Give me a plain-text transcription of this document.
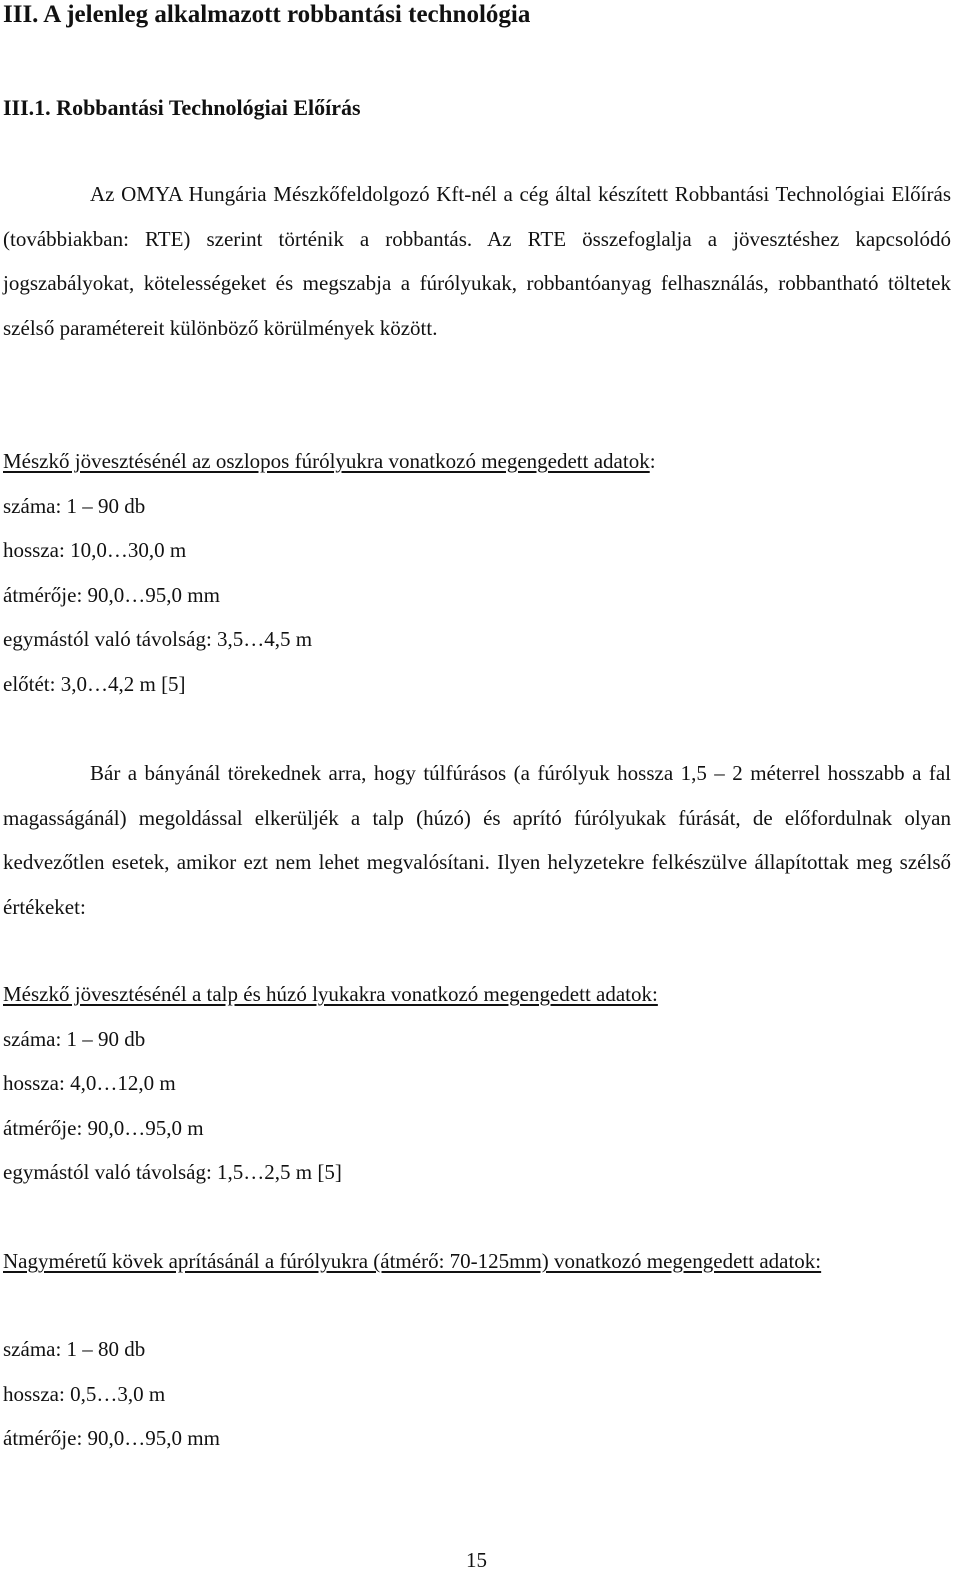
III. A jelenleg alkalmazott robbantási technológia
III.1. Robbantási Technológiai Előírás

Az OMYA Hungária Mészkőfeldolgozó Kft-nél a cég által készített Robbantási Technológiai Előírás (továbbiakban: RTE) szerint történik a robbantás. Az RTE összefoglalja a jövesztéshez kapcsolódó jogszabályokat, kötelességeket és megszabja a fúrólyukak, robbantóanyag felhasználás, robbantható töltetek szélső paramétereit különböző körülmények között.

Mészkő jövesztésénél az oszlopos fúrólyukra vonatkozó megengedett adatok:
száma: 1 – 90 db
hossza: 10,0…30,0 m
átmérője: 90,0…95,0 mm
egymástól való távolság: 3,5…4,5 m
előtét: 3,0…4,2 m [5]

Bár a bányánál törekednek arra, hogy túlfúrásos (a fúrólyuk hossza 1,5 – 2 méterrel hosszabb a fal magasságánál) megoldással elkerüljék a talp (húzó) és aprító fúrólyukak fúrását, de előfordulnak olyan kedvezőtlen esetek, amikor ezt nem lehet megvalósítani. Ilyen helyzetekre felkészülve állapítottak meg szélső értékeket:

Mészkő jövesztésénél a talp és húzó lyukakra vonatkozó megengedett adatok:
száma: 1 – 90 db
hossza: 4,0…12,0 m
átmérője: 90,0…95,0 m
egymástól való távolság: 1,5…2,5 m [5]

Nagyméretű kövek aprításánál a fúrólyukra (átmérő: 70-125mm) vonatkozó megengedett adatok:

száma: 1 – 80 db
hossza: 0,5…3,0 m
átmérője: 90,0…95,0 mm
15
